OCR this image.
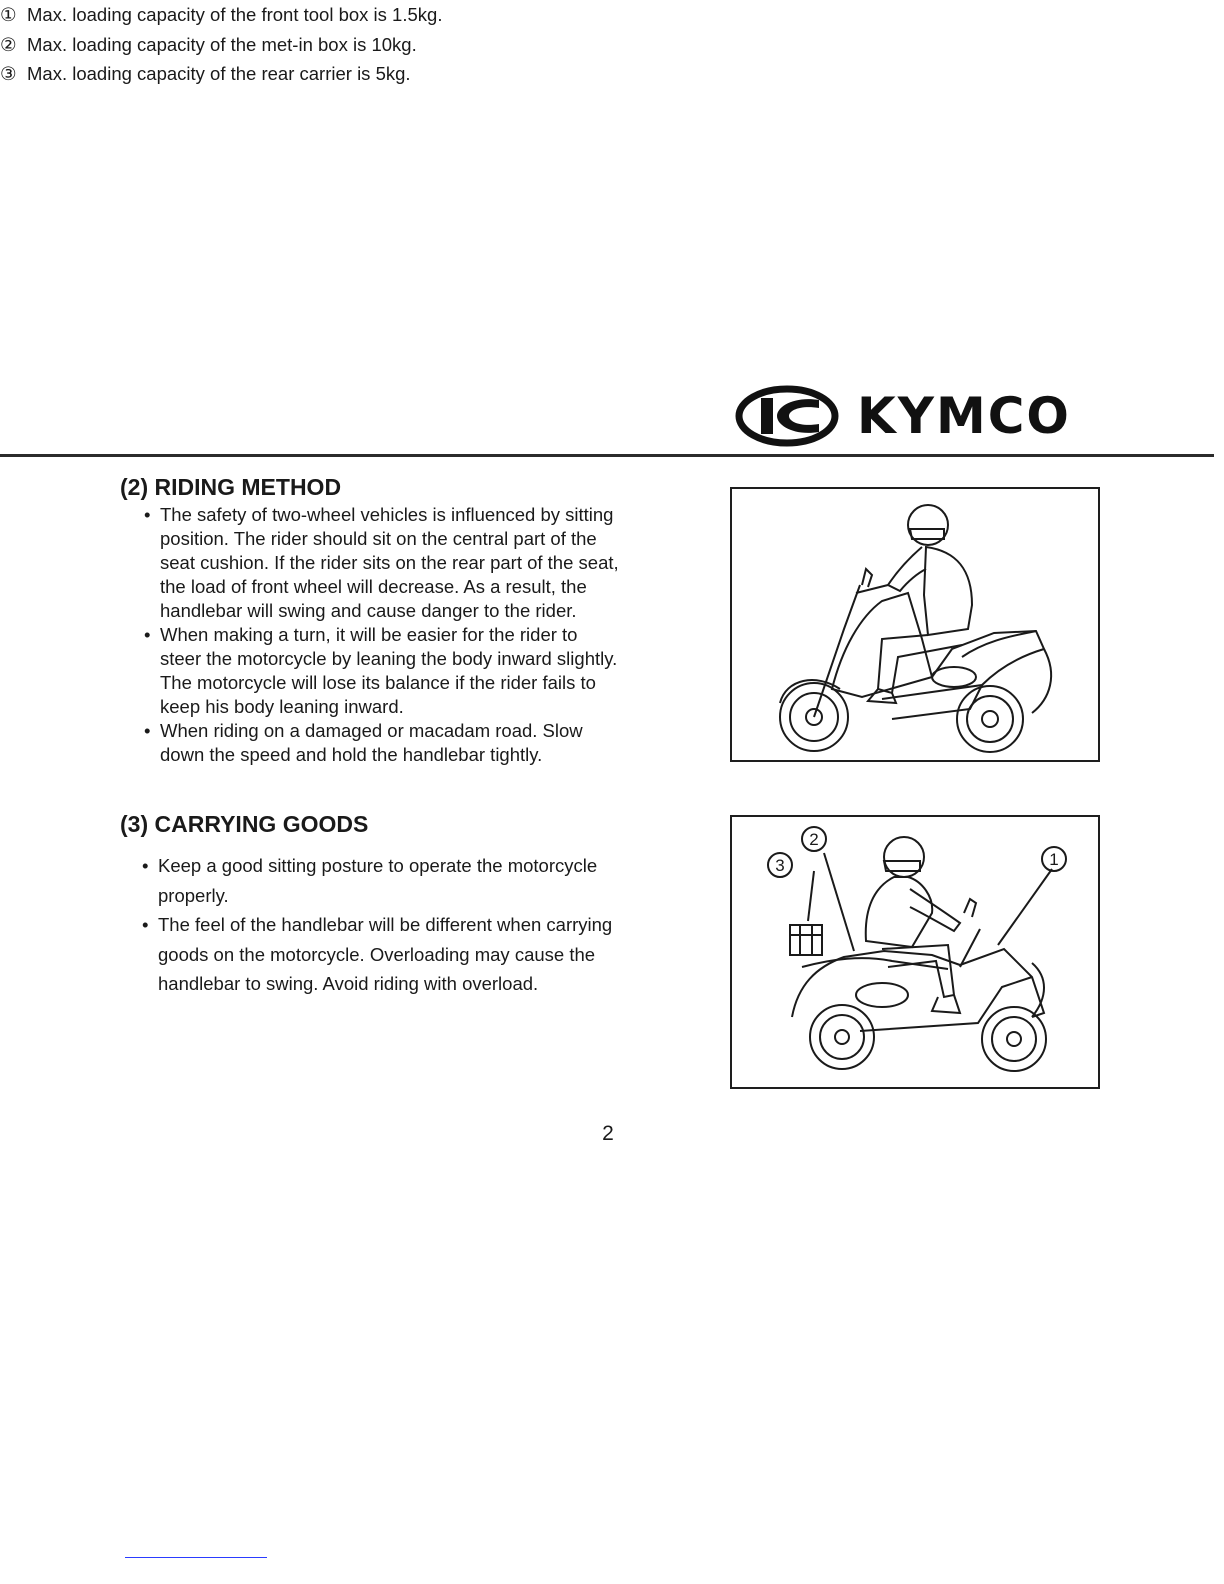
KYMCO
(2) RIDING METHOD
• The safety of two-wheel vehicles is influenced by sitting
position. The rider should sit on the central part of the
seat cushion. If the rider sits on the rear part of the seat,
the load of front wheel will decrease. As a result, the
handlebar will swing and cause danger to the rider.
• When making a turn, it will be easier for the rider to
steer the motorcycle by leaning the body inward slightly.
The motorcycle will lose its balance if the rider fails to
keep his body leaning inward.
• When riding on a damaged or macadam road. Slow
down the speed and hold the handlebar tightly.
(3) CARRYING GOODS
• Keep a good sitting posture to operate the motorcycle
properly.
• The feel of the handlebar will be different when carrying
goods on the motorcycle. Overloading may cause the
handlebar to swing. Avoid riding with overload.
① Max. loading capacity of the front tool box is 1.5kg.
② Max. loading capacity of the met-in box is 10kg.
③ Max. loading capacity of the rear carrier is 5kg.
3
2
1
2
